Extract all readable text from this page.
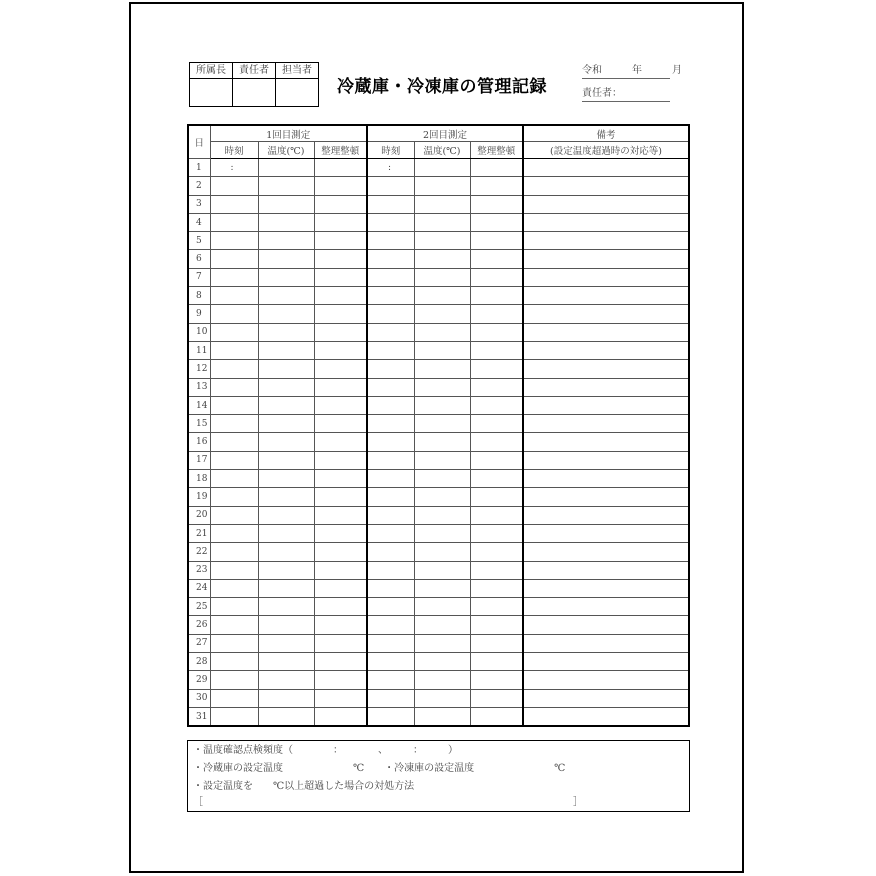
所属長	責任者	担当者

冷蔵庫・冷凍庫の管理記録
令和　　　年　　　月
責任者：
日	1回目測定			2回目測定			備考
	時刻	温度(℃)	整理整頓	時刻	温度(℃)	整理整頓	(設定温度超過時の対応等)
1	:			:			
2							
3							
4							
5							
6							
7							
8							
9							
10							
11							
12							
13							
14							
15							
16							
17							
18							
19							
20							
21							
22							
23							
24							
25							
26							
27							
28							
29							
30							
31							
・温度確認点検頻度（　　　　：　　　　、　　　：　　　）
・冷蔵庫の設定温度　　　　　　　℃　　・冷凍庫の設定温度　　　　　　　　℃
・設定温度を　　℃以上超過した場合の対処方法
［　　　　　　　　　　　　　　　　　　　　　　　　　　　　　　　　　　　　　］
